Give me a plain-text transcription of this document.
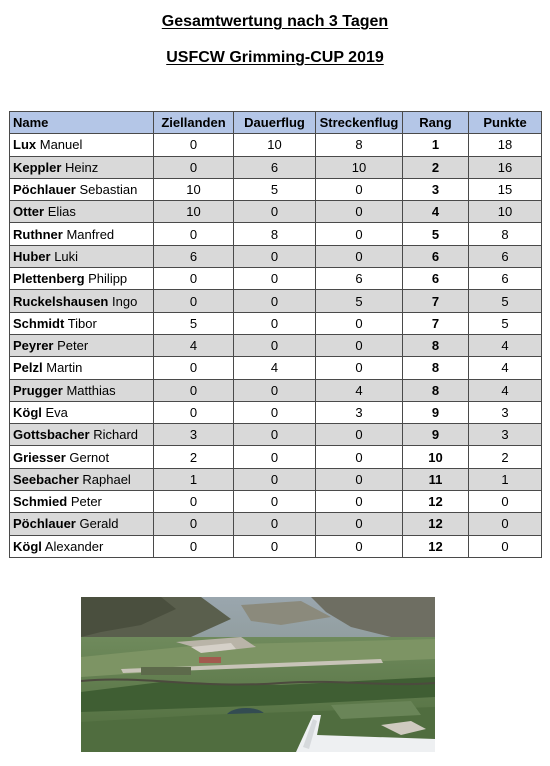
Gesamtwertung nach 3 Tagen
USFCW Grimming-CUP 2019
Name	Ziellanden	Dauerflug	Streckenflug	Rang	Punkte
Lux Manuel	0	10	8	1	18
Keppler Heinz	0	6	10	2	16
Pöchlauer Sebastian	10	5	0	3	15
Otter Elias	10	0	0	4	10
Ruthner Manfred	0	8	0	5	8
Huber Luki	6	0	0	6	6
Plettenberg Philipp	0	0	6	6	6
Ruckelshausen Ingo	0	0	5	7	5
Schmidt Tibor	5	0	0	7	5
Peyrer Peter	4	0	0	8	4
Pelzl Martin	0	4	0	8	4
Prugger Matthias	0	0	4	8	4
Kögl Eva	0	0	3	9	3
Gottsbacher Richard	3	0	0	9	3
Griesser Gernot	2	0	0	10	2
Seebacher Raphael	1	0	0	11	1
Schmied Peter	0	0	0	12	0
Pöchlauer Gerald	0	0	0	12	0
Kögl Alexander	0	0	0	12	0
